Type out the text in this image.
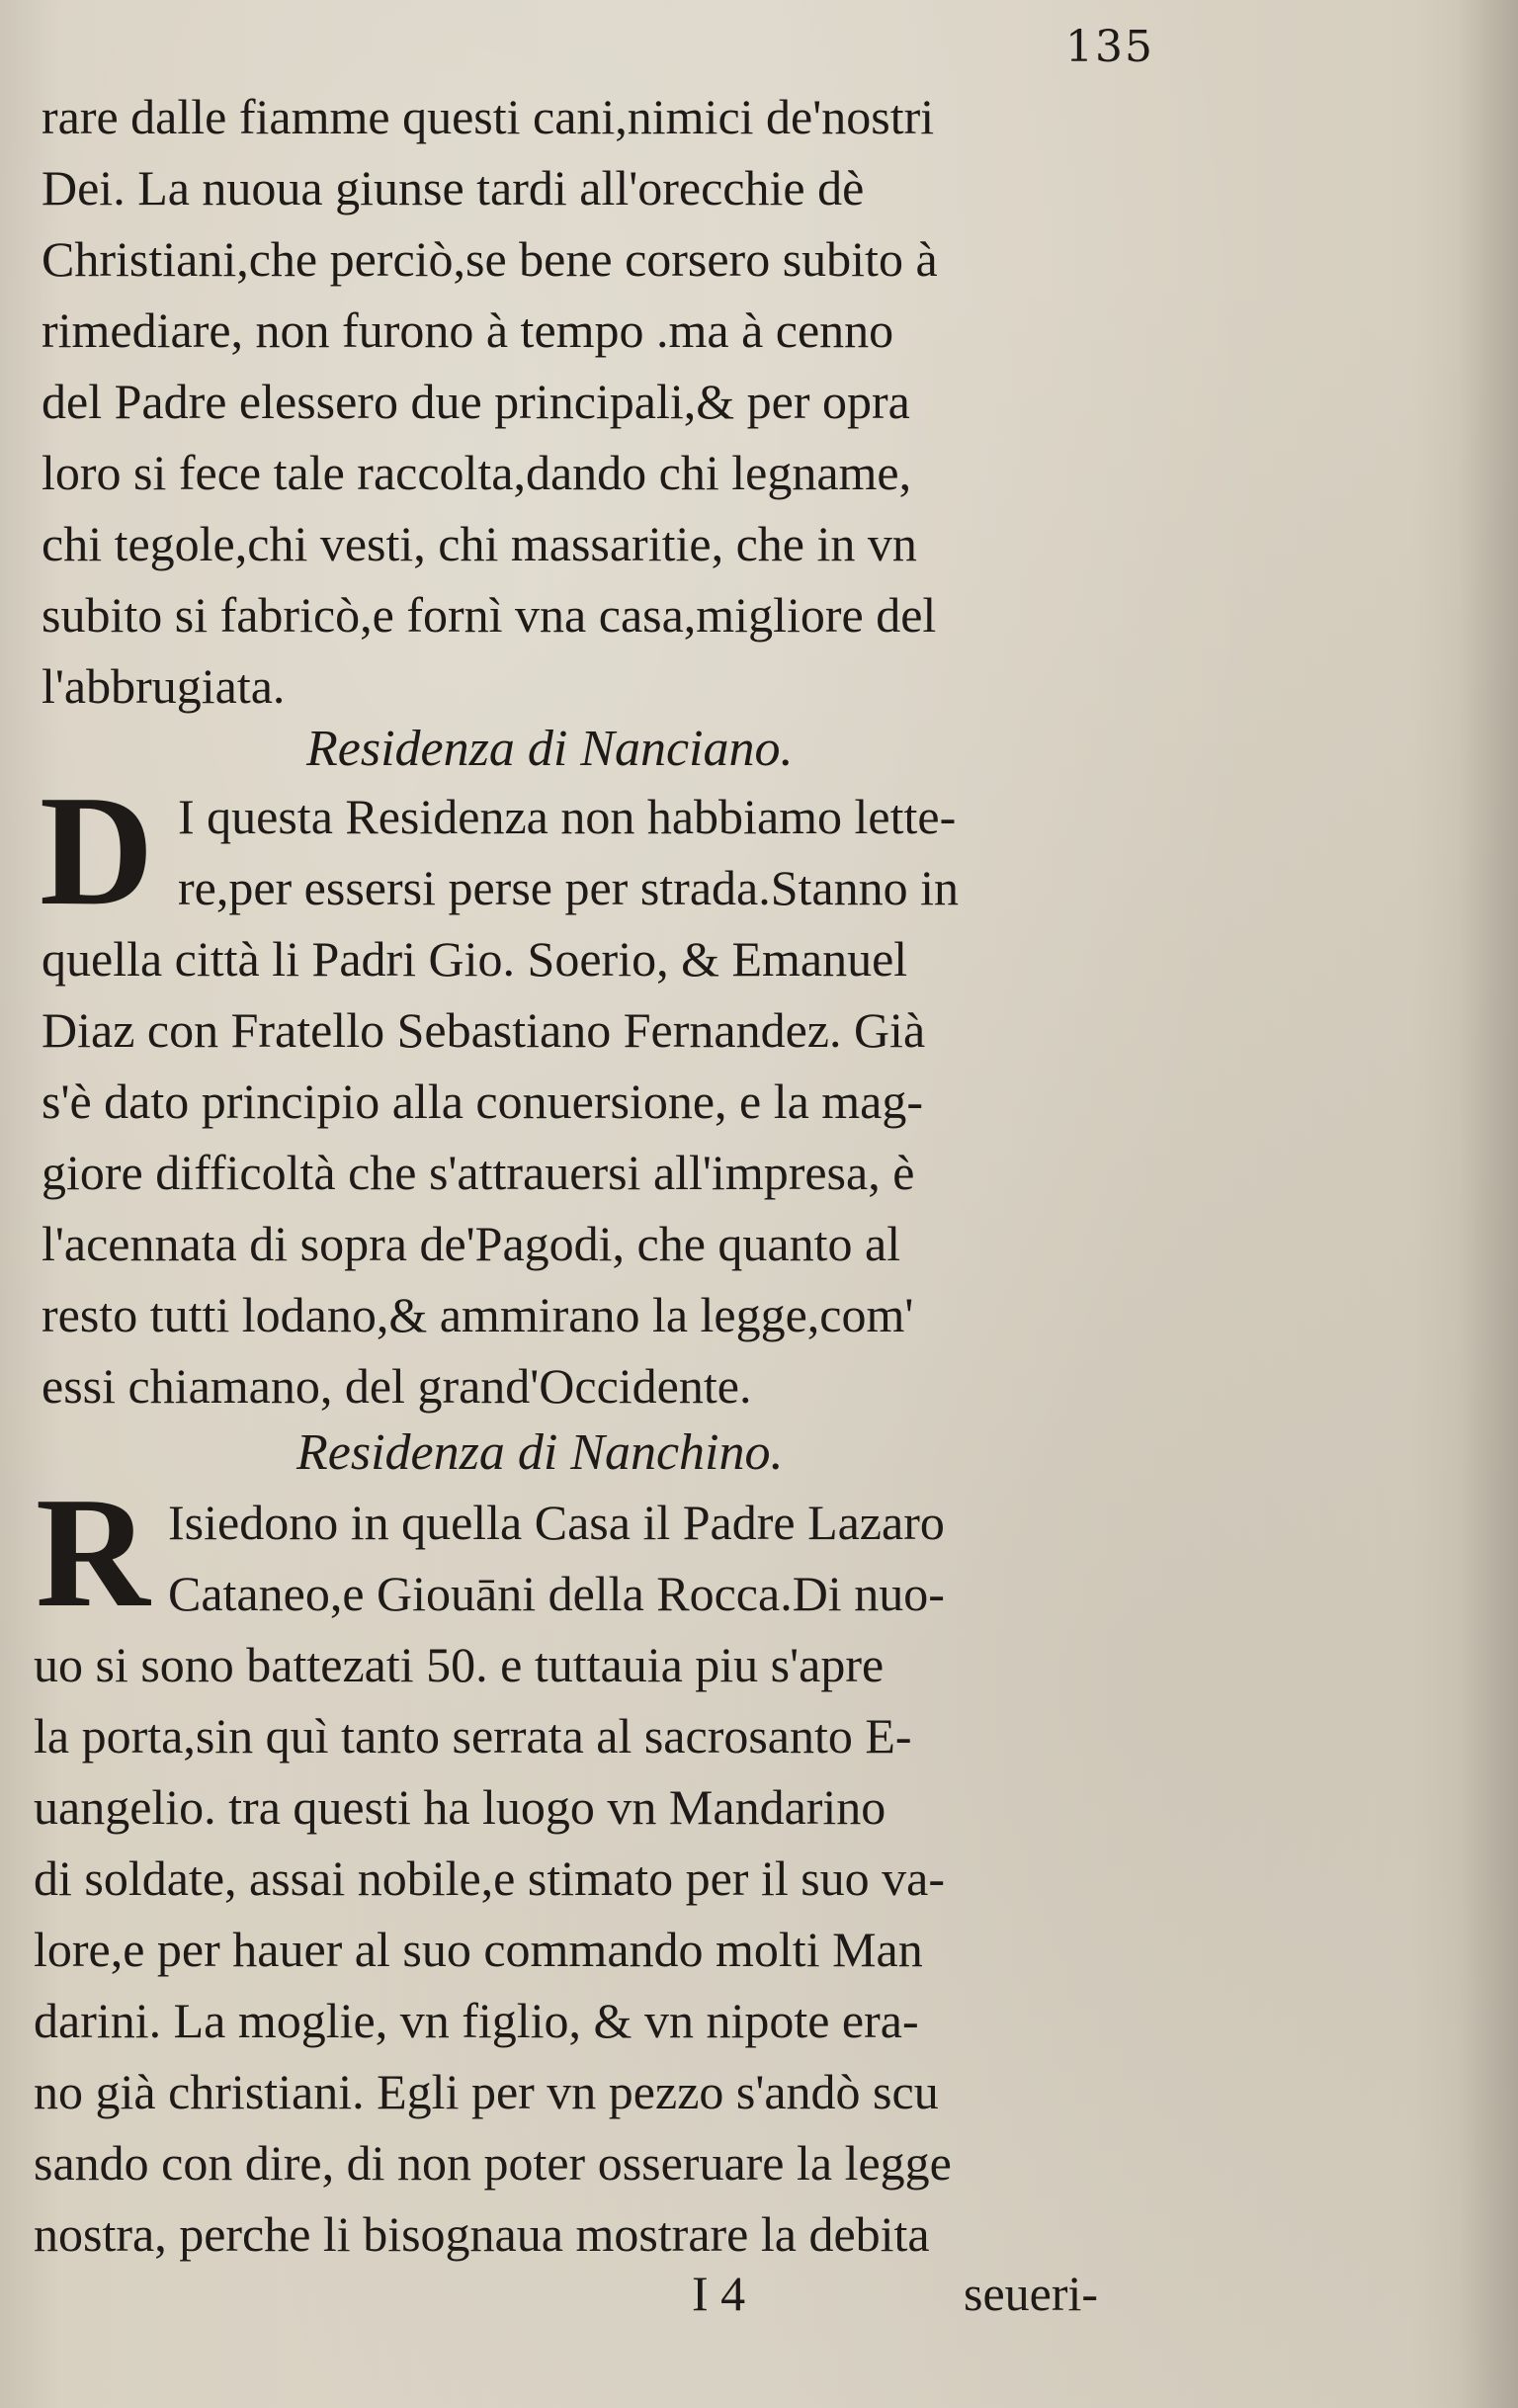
135
rare dalle fiamme questi cani,nimici de'nostri
Dei. La nuoua giunse tardi all'orecchie dè
Christiani,che perciò,se bene corsero subito à
rimediare, non furono à tempo .ma à cenno
del Padre elessero due principali,& per opra
loro si fece tale raccolta,dando chi legname,
chi tegole,chi vesti, chi massaritie, che in vn
subito si fabricò,e fornì vna casa,migliore del
l'abbrugiata.
Residenza di Nanciano.
D I questa Residenza non habbiamo lette-
re,per essersi perse per strada.Stanno in
quella città li Padri Gio. Soerio, & Emanuel
Diaz con Fratello Sebastiano Fernandez. Già
s'è dato principio alla conuersione, e la mag-
giore difficoltà che s'attrauersi all'impresa, è
l'acennata di sopra de'Pagodi, che quanto al
resto tutti lodano,& ammirano la legge,com'
essi chiamano, del grand'Occidente.
Residenza di Nanchino.
R Isiedono in quella Casa il Padre Lazaro
Cataneo,e Giouāni della Rocca.Di nuo-
uo si sono battezati 50. e tuttauia piu s'apre
la porta,sin quì tanto serrata al sacrosanto E-
uangelio. tra questi ha luogo vn Mandarino
di soldate, assai nobile,e stimato per il suo va-
lore,e per hauer al suo commando molti Man
darini. La moglie, vn figlio, & vn nipote era-
no già christiani. Egli per vn pezzo s'andò scu
sando con dire, di non poter osseruare la legge
nostra, perche li bisognaua mostrare la debita
I 4	seueri-
